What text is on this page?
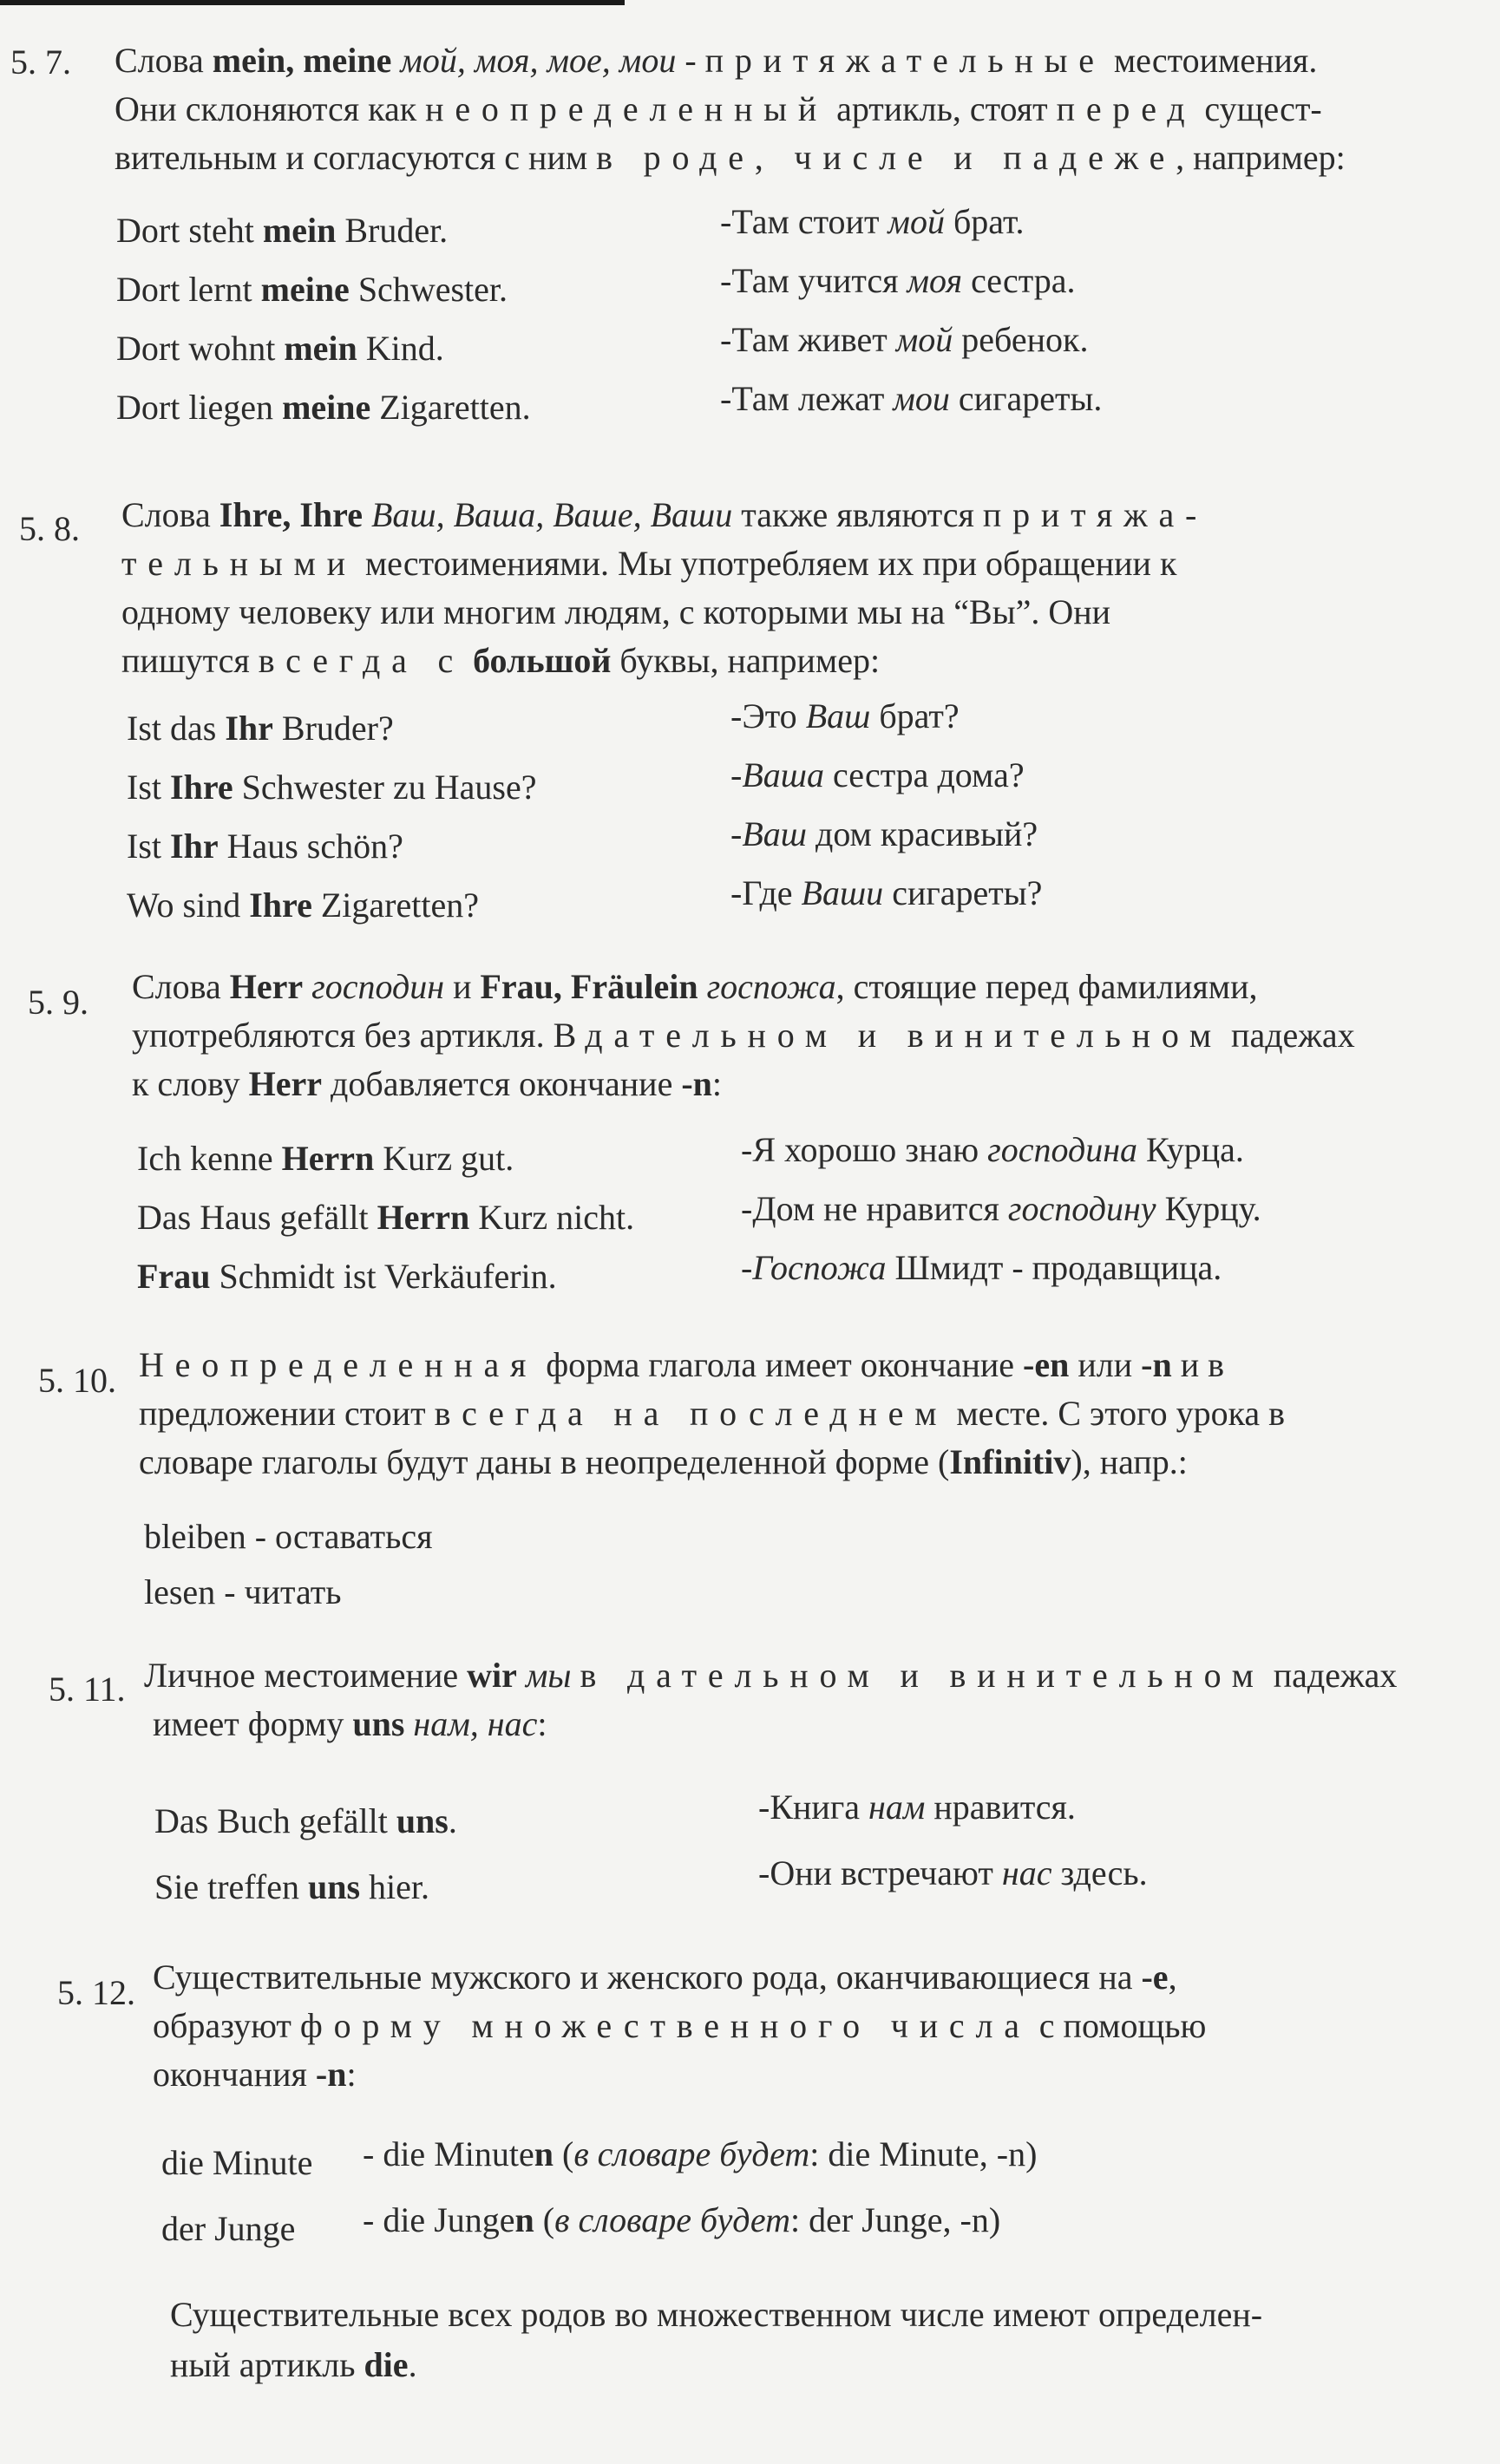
5. 7. Слова mein, meine мой, моя, мое, мои - притяжательные местоимения.

Они склоняются как неопределенный артикль, стоят перед сущест-

вительным и согласуются с ним в роде, числе и падеже, например:

Dort steht mein Bruder.
Dort lernt meine Schwester.
Dort wohnt mein Kind.
Dort liegen meine Zigaretten.
-Там стоит мой брат.
-Там учится моя сестра.
-Там живет мой ребенок.
-Там лежат мои сигареты.
5. 8. Слова Ihre, Ihre Ваш, Ваша, Ваше, Ваши также являются притяжа-

тельными местоимениями. Мы употребляем их при обращении к

одному человеку или многим людям, с которыми мы на “Вы”. Они

пишутся всегда с большой буквы, например:

Ist das Ihr Bruder?
Ist Ihre Schwester zu Hause?
Ist Ihr Haus schön?
Wo sind Ihre Zigaretten?
-Это Ваш брат?
-Ваша сестра дома?
-Ваш дом красивый?
-Где Ваши сигареты?
5. 9. Слова Herr господин и Frau, Fräulein госпожа, стоящие перед фамилиями,

употребляются без артикля. В дательном и винительном падежах

к слову Herr добавляется окончание -n:

Ich kenne Herrn Kurz gut.
Das Haus gefällt Herrn Kurz nicht.
Frau Schmidt ist Verkäuferin.
-Я хорошо знаю господина Курца.
-Дом не нравится господину Курцу.
-Госпожа Шмидт - продавщица.
5. 10. Неопределенная форма глагола имеет окончание -en или -n и в

предложении стоит всегда на последнем месте. С этого урока в

словаре глаголы будут даны в неопределенной форме (Infinitiv), напр.:

bleiben - оставаться
lesen - читать
5. 11. Личное местоимение wir мы в дательном и винительном падежах

имеет форму uns нам, нас:

Das Buch gefällt uns.
Sie treffen uns hier.
-Книга нам нравится.
-Они встречают нас здесь.
5. 12. Существительные мужского и женского рода, оканчивающиеся на -e,

образуют форму множественного числа с помощью

окончания -n:

die Minute
der Junge
- die Minuten (в словаре будет: die Minute, -n)
- die Jungen (в словаре будет: der Junge, -n)

Существительные всех родов во множественном числе имеют определен-

ный артикль die.
